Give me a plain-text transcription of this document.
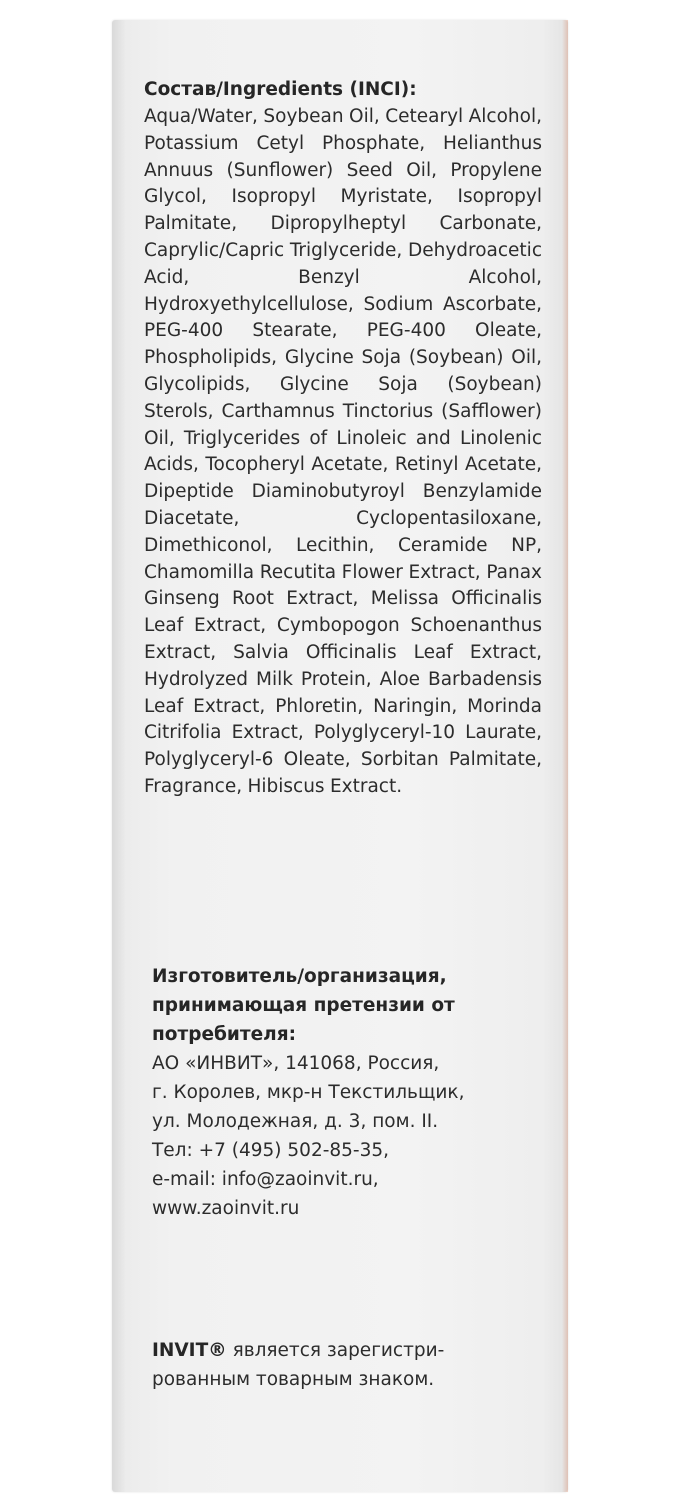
Состав/Ingredients (INCI):

Aqua/Water, Soybean Oil, Cetearyl Alcohol, Potassium Cetyl Phosphate, Helianthus Annuus (Sunflower) Seed Oil, Propylene Glycol, Isopropyl Myristate, Isopropyl Palmitate, Dipropylheptyl Carbonate, Caprylic/Capric Triglyceride, Dehydroacetic Acid, Benzyl Alcohol, Hydroxyethylcellulose, Sodium Ascorbate, PEG-400 Stearate, PEG-400 Oleate, Phospholipids, Glycine Soja (Soybean) Oil, Glycolipids, Glycine Soja (Soybean) Sterols, Carthamnus Tinctorius (Safflower) Oil, Triglycerides of Linoleic and Linolenic Acids, Tocopheryl Acetate, Retinyl Acetate, Dipeptide Diaminobutyroyl Benzylamide Diacetate, Cyclopentasiloxane, Dimethiconol, Lecithin, Ceramide NP, Chamomilla Recutita Flower Extract, Panax Ginseng Root Extract, Melissa Officinalis Leaf Extract, Cymbopogon Schoenanthus Extract, Salvia Officinalis Leaf Extract, Hydrolyzed Milk Protein, Aloe Barbadensis Leaf Extract, Phloretin, Naringin, Morinda Citrifolia Extract, Polyglyceryl-10 Laurate, Polyglyceryl-6 Oleate, Sorbitan Palmitate, Fragrance, Hibiscus Extract.

Изготовитель/организация,

принимающая претензии от

потребителя:

АО «ИНВИТ», 141068, Россия,

г. Королев, мкр-н Текстильщик,

ул. Молодежная, д. 3, пом. II.

Тел: +7 (495) 502-85-35,

e-mail: info@zaoinvit.ru,

www.zaoinvit.ru

INVIT® является зарегистри-

рованным товарным знаком.
